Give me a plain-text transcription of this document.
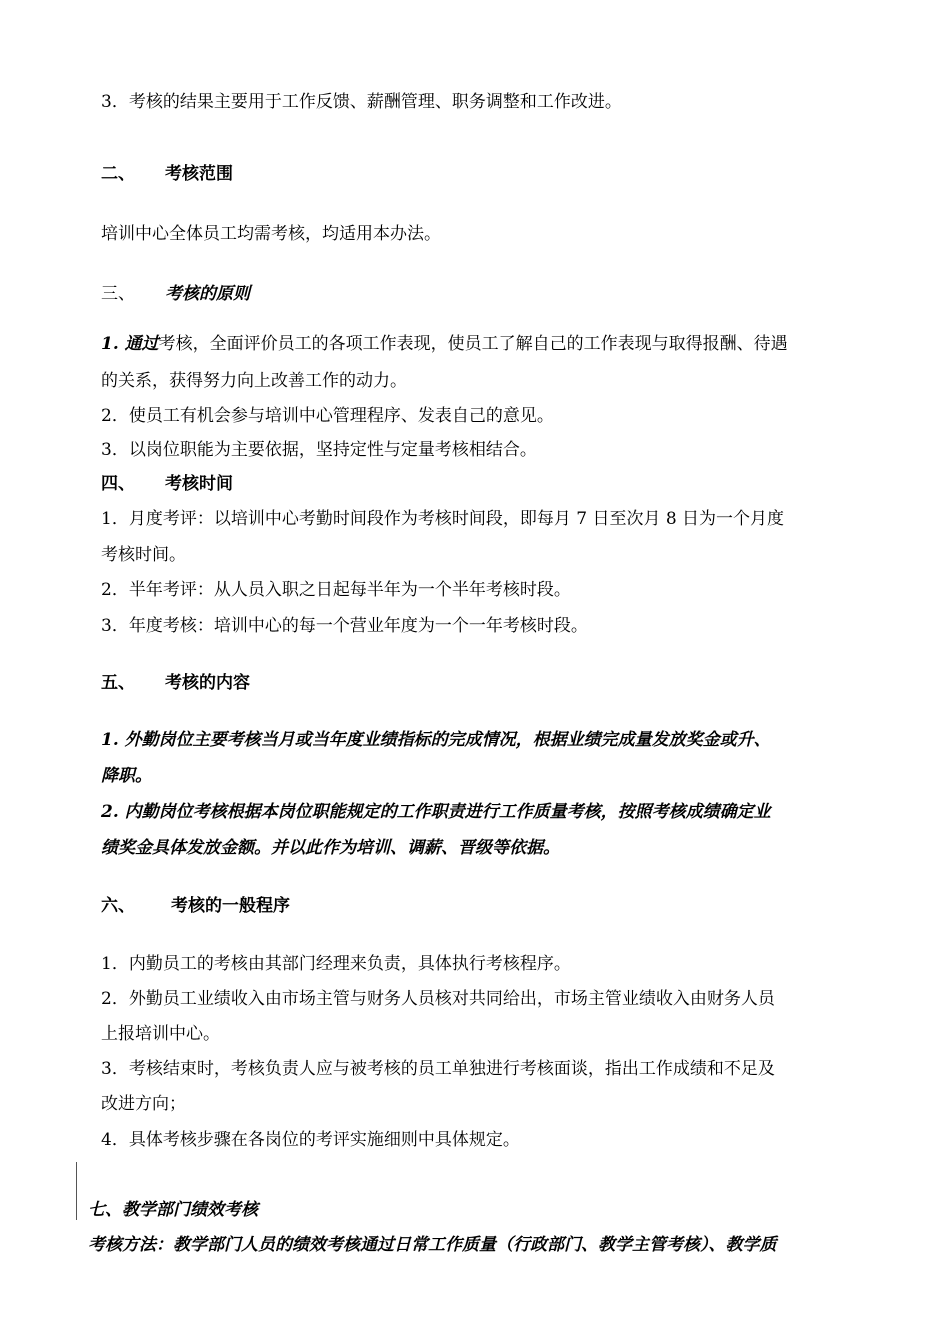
3．考核的结果主要用于工作反馈、薪酬管理、职务调整和工作改进。
二、 考核范围
培训中心全体员工均需考核，均适用本办法。
三、 考核的原则
1. 通过考核，全面评价员工的各项工作表现，使员工了解自己的工作表现与取得报酬、待遇
的关系，获得努力向上改善工作的动力。
2．使员工有机会参与培训中心管理程序、发表自己的意见。
3．以岗位职能为主要依据，坚持定性与定量考核相结合。
四、 考核时间
1．月度考评：以培训中心考勤时间段作为考核时间段，即每月 7 日至次月 8 日为一个月度
考核时间。
2．半年考评：从人员入职之日起每半年为一个半年考核时段。
3．年度考核：培训中心的每一个营业年度为一个一年考核时段。
五、 考核的内容
1. 外勤岗位主要考核当月或当年度业绩指标的完成情况，根据业绩完成量发放奖金或升、
降职。
2. 内勤岗位考核根据本岗位职能规定的工作职责进行工作质量考核，按照考核成绩确定业
绩奖金具体发放金额。并以此作为培训、调薪、晋级等依据。
六、 考核的一般程序
1．内勤员工的考核由其部门经理来负责，具体执行考核程序。
2．外勤员工业绩收入由市场主管与财务人员核对共同给出，市场主管业绩收入由财务人员
上报培训中心。
3．考核结束时，考核负责人应与被考核的员工单独进行考核面谈，指出工作成绩和不足及
改进方向；
4．具体考核步骤在各岗位的考评实施细则中具体规定。
七、教学部门绩效考核
考核方法：教学部门人员的绩效考核通过日常工作质量（行政部门、教学主管考核）、教学质
